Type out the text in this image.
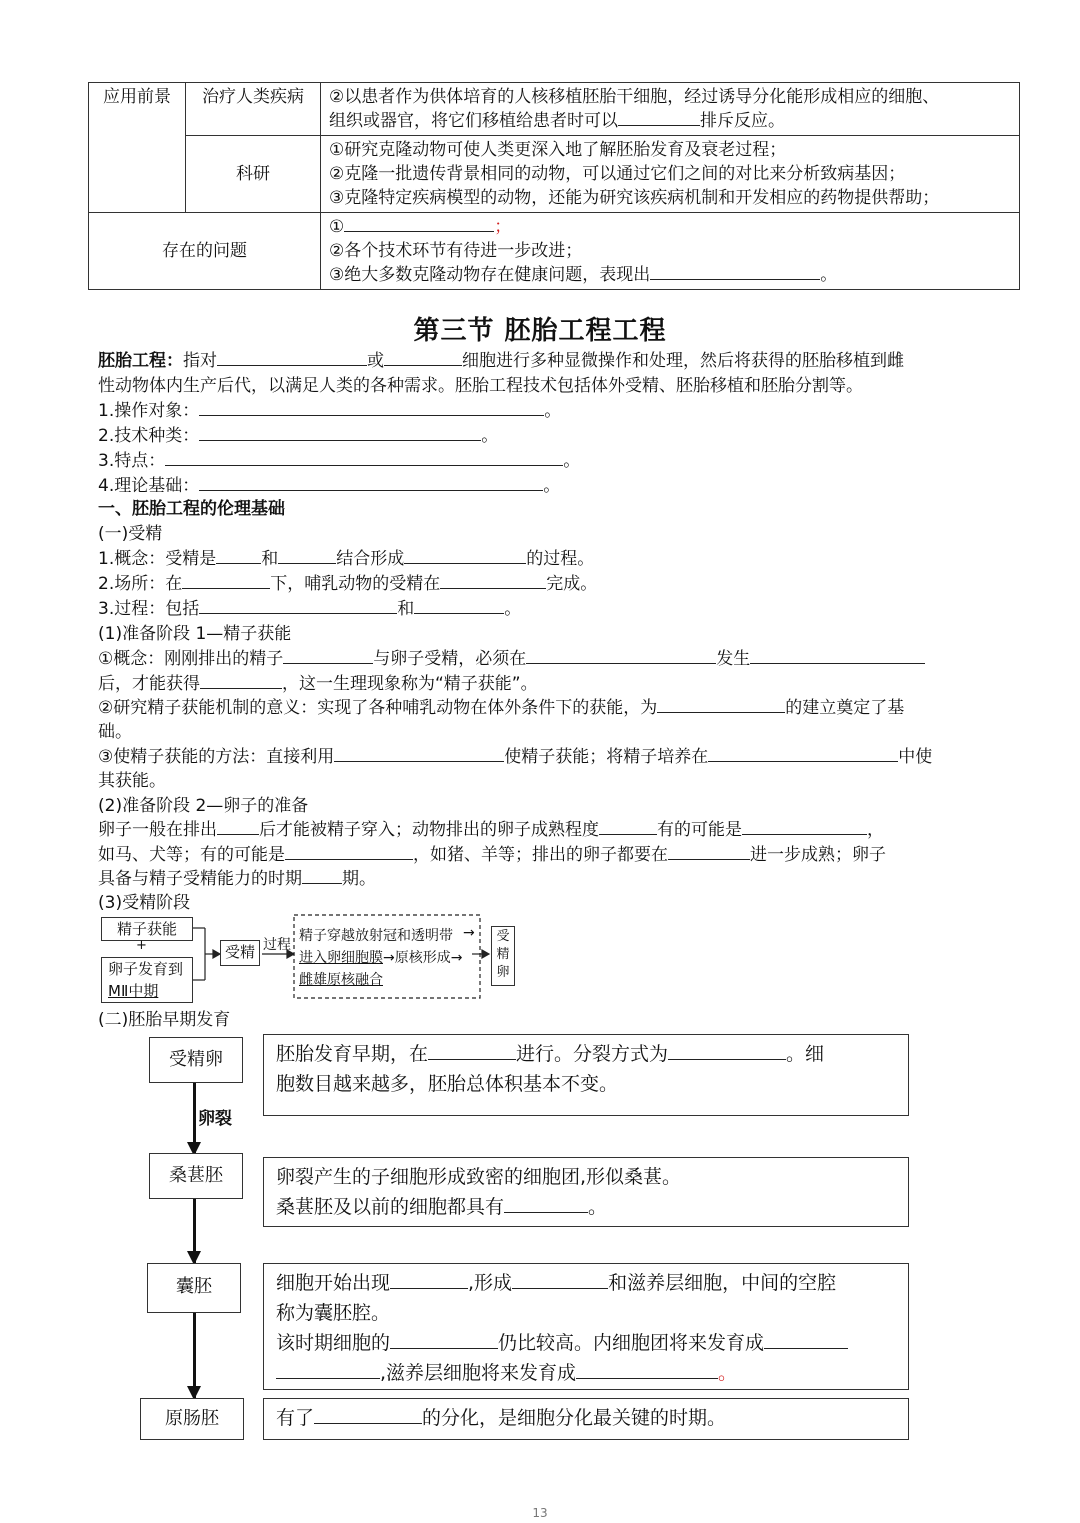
应用前景	治疗人类疾病	②以患者作为供体培育的人核移植胚胎干细胞，经过诱导分化能形成相应的细胞、
组织或器官，将它们移植给患者时可以 排斥反应。

	科研	①研究克隆动物可使人类更深入地了解胚胎发育及衰老过程；
②克隆一批遗传背景相同的动物，可以通过它们之间的对比来分析致病基因；
③克隆特定疾病模型的动物，还能为研究该疾病机制和开发相应的药物提供帮助；

存在的问题		① ；
②各个技术环节有待进一步改进；
③绝大多数克隆动物存在健康问题，表现出 。
第三节 胚胎工程工程
胚胎工程：指对	或	细胞进行多种显微操作和处理，然后将获得的胚胎移植到雌
性动物体内生产后代，以满足人类的各种需求。胚胎工程技术包括体外受精、胚胎移植和胚胎分割等。
1.操作对象：	。
2.技术种类：	。
3.特点：	。
4.理论基础：	。
一、胚胎工程的伦理基础
(一)受精
1.概念：受精是	和	结合形成	的过程。
2.场所：在	下，哺乳动物的受精在	完成。
3.过程：包括	和	。
(1)准备阶段 1—精子获能
①概念：刚刚排出的精子	与卵子受精，必须在	发生
后，才能获得	，这一生理现象称为“精子获能”。
②研究精子获能机制的意义：实现了各种哺乳动物在体外条件下的获能，为	的建立奠定了基
础。
③使精子获能的方法：直接利用	使精子获能；将精子培养在	中使
其获能。
(2)准备阶段 2—卵子的准备
卵子一般在排出 后才能被精子穿入；动物排出的卵子成熟程度	有的可能是	，
如马、犬等；有的可能是	，如猪、羊等；排出的卵子都要在	进一步成熟；卵子
具备与精子受精能力的时期 期。
(3)受精阶段
精子获能
+
卵子发育到
MⅡ中期
受精 过程
精子穿越放射冠和透明带 →
进入卵细胞膜→原核形成→
雌雄原核融合
受精卵
(二)胚胎早期发育
卵裂
受精卵	胚胎发育早期，在	进行。分裂方式为	。细
胞数目越来越多，胚胎总体积基本不变。
桑葚胚	卵裂产生的子细胞形成致密的细胞团,形似桑葚。
桑葚胚及以前的细胞都具有	。
囊胚	细胞开始出现	,形成	和滋养层细胞，中间的空腔
称为囊胚腔。
该时期细胞的	仍比较高。内细胞团将来发育成
,滋养层细胞将来发育成	。
原肠胚	有了	的分化，是细胞分化最关键的时期。
13
